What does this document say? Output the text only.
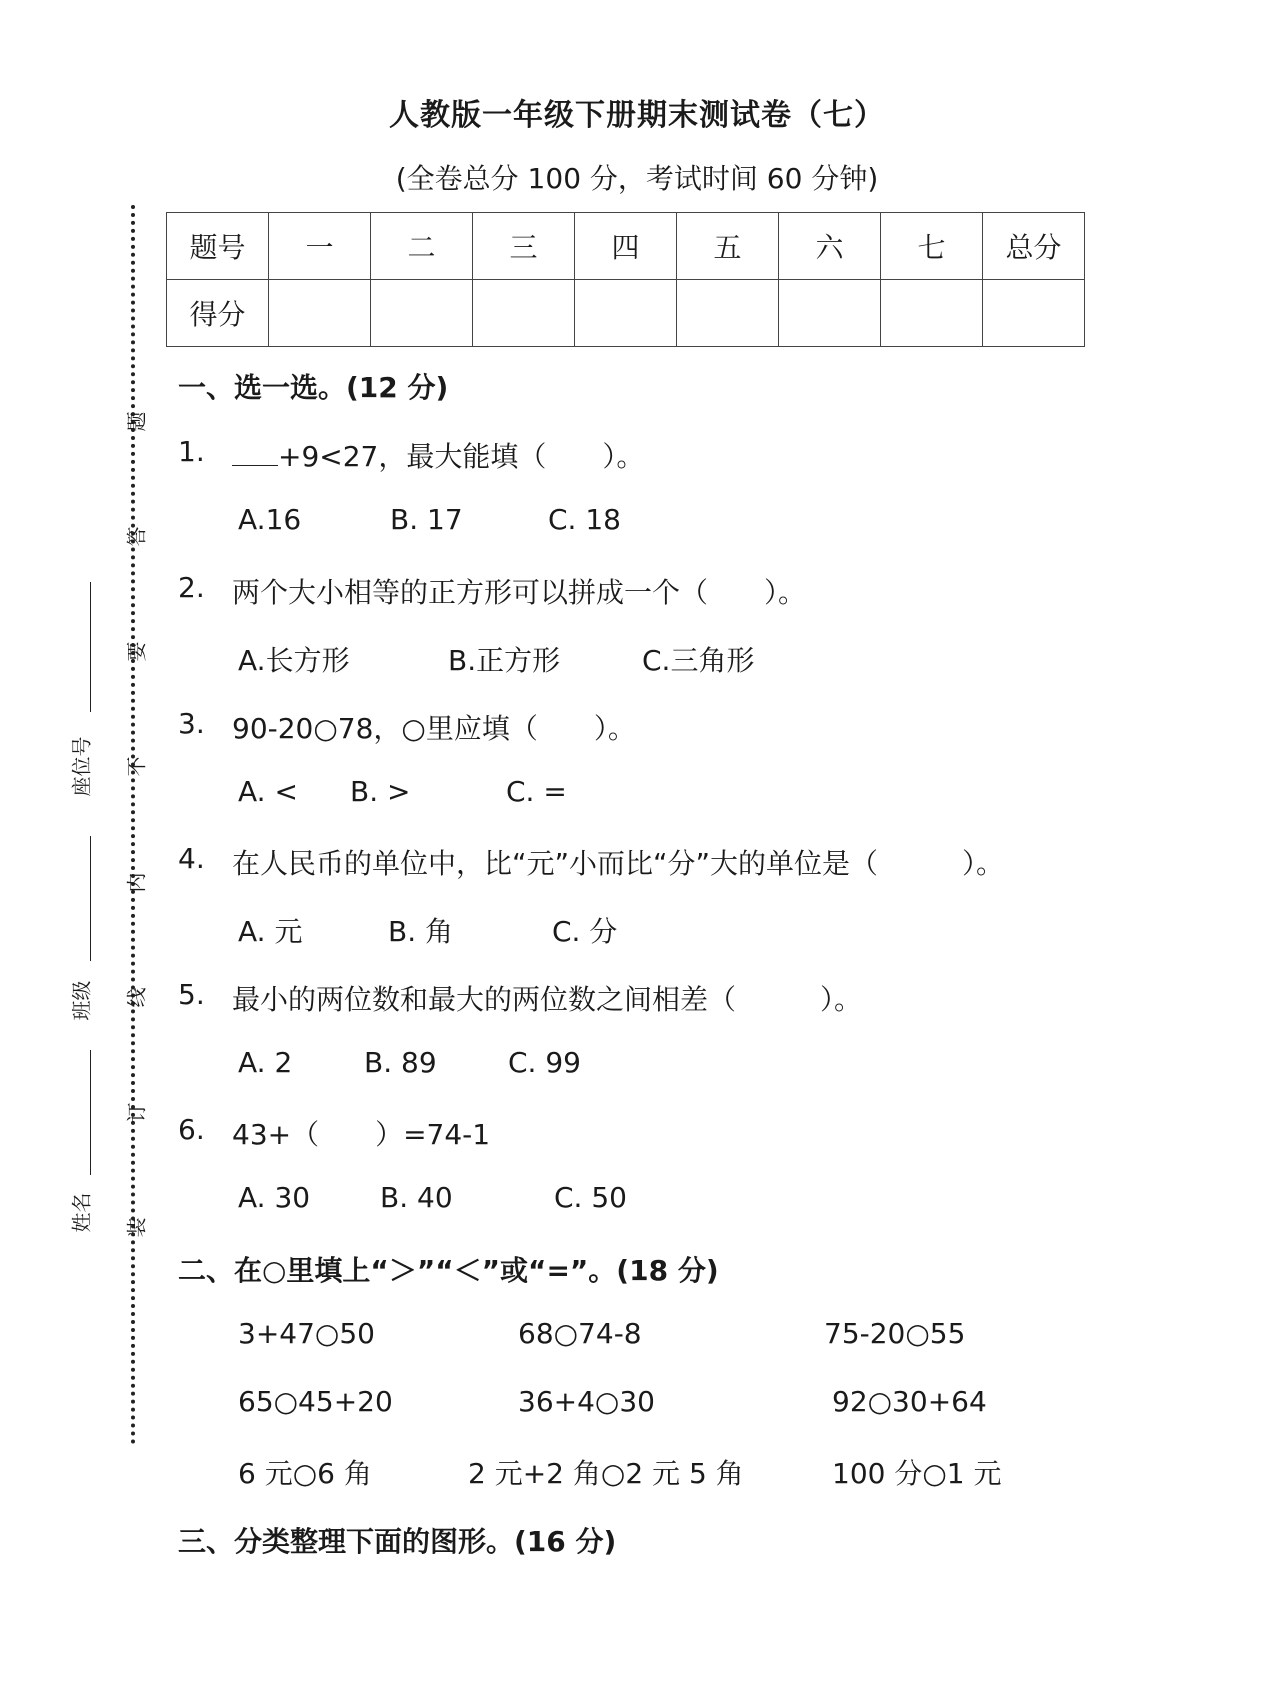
人教版一年级下册期末测试卷（七）
(全卷总分 100 分，考试时间 60 分钟)
题号	一	二	三	四	五	六	七	总分
得分								
题
答
要
不
内
线
订
装
座位号
班级
姓名
一、选一选。(12 分)
1.	+9<27，最大能填（　　）。
A.16	B. 17	C. 18
2. 两个大小相等的正方形可以拼成一个（　　）。
A.长方形	B.正方形	C.三角形
3. 90-20○78，○里应填（　　）。
A. < B. >	C. =
4. 在人民币的单位中，比“元”小而比“分”大的单位是（　　　）。
A. 元	B. 角	C. 分
5. 最小的两位数和最大的两位数之间相差（　　　）。
A. 2	B. 89	C. 99
6. 43+（　　）=74-1
A. 30 B. 40	C. 50
二、在○里填上“＞”“＜”或“=”。(18 分)
3+47○50	68○74-8	75-20○55
65○45+20	36+4○30	92○30+64
6 元○6 角	2 元+2 角○2 元 5 角	100 分○1 元
三、分类整理下面的图形。(16 分)
